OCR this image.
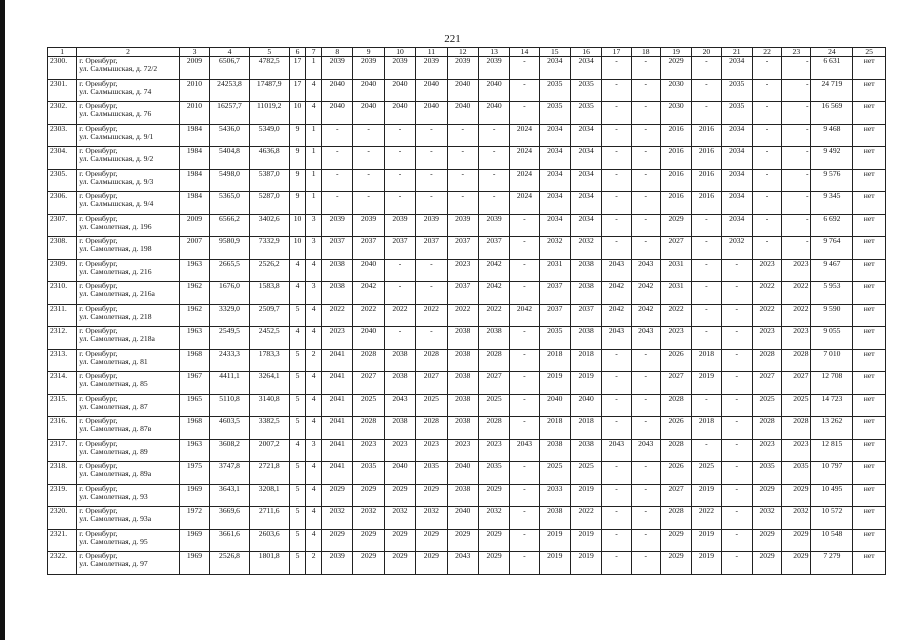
221
1	2	3	4	5	6	7	8	9	10	11	12	13	14	15	16	17	18	19	20	21	22	23	24	25
2300.	г. Оренбург,
ул. Салмышская, д. 72/2	2009	6506,7	4782,5	17	1	2039	2039	2039	2039	2039	2039	-	2034	2034	-	-	2029	-	2034	-	-	6 631	нет
2301.	г. Оренбург,
ул. Салмышская, д. 74	2010	24253,8	17487,9	17	4	2040	2040	2040	2040	2040	2040	-	2035	2035	-	-	2030	-	2035	-	-	24 719	нет
2302.	г. Оренбург,
ул. Салмышская, д. 76	2010	16257,7	11019,2	10	4	2040	2040	2040	2040	2040	2040	-	2035	2035	-	-	2030	-	2035	-	-	16 569	нет
2303.	г. Оренбург,
ул. Салмышская, д. 9/1	1984	5436,0	5349,0	9	1	-	-	-	-	-	-	2024	2034	2034	-	-	2016	2016	2034	-	-	9 468	нет
2304.	г. Оренбург,
ул. Салмышская, д. 9/2	1984	5404,8	4636,8	9	1	-	-	-	-	-	-	2024	2034	2034	-	-	2016	2016	2034	-	-	9 492	нет
2305.	г. Оренбург,
ул. Салмышская, д. 9/3	1984	5498,0	5387,0	9	1	-	-	-	-	-	-	2024	2034	2034	-	-	2016	2016	2034	-	-	9 576	нет
2306.	г. Оренбург,
ул. Салмышская, д. 9/4	1984	5365,0	5287,0	9	1	-	-	-	-	-	-	2024	2034	2034	-	-	2016	2016	2034	-	-	9 345	нет
2307.	г. Оренбург,
ул. Самолетная, д. 196	2009	6566,2	3402,6	10	3	2039	2039	2039	2039	2039	2039	-	2034	2034	-	-	2029	-	2034	-	-	6 692	нет
2308.	г. Оренбург,
ул. Самолетная, д. 198	2007	9580,9	7332,9	10	3	2037	2037	2037	2037	2037	2037	-	2032	2032	-	-	2027	-	2032	-	-	9 764	нет
2309.	г. Оренбург,
ул. Самолетная, д. 216	1963	2665,5	2526,2	4	4	2038	2040	-	-	2023	2042	-	2031	2038	2043	2043	2031	-	-	2023	2023	9 467	нет
2310.	г. Оренбург,
ул. Самолетная, д. 216а	1962	1676,0	1583,8	4	3	2038	2042	-	-	2037	2042	-	2037	2038	2042	2042	2031	-	-	2022	2022	5 953	нет
2311.	г. Оренбург,
ул. Самолетная, д. 218	1962	3329,0	2509,7	5	4	2022	2022	2022	2022	2022	2022	2042	2037	2037	2042	2042	2022	-	-	2022	2022	9 590	нет
2312.	г. Оренбург,
ул. Самолетная, д. 218а	1963	2549,5	2452,5	4	4	2023	2040	-	-	2038	2038	-	2035	2038	2043	2043	2023	-	-	2023	2023	9 055	нет
2313.	г. Оренбург,
ул. Самолетная, д. 81	1968	2433,3	1783,3	5	2	2041	2028	2038	2028	2038	2028	-	2018	2018	-	-	2026	2018	-	2028	2028	7 010	нет
2314.	г. Оренбург,
ул. Самолетная, д. 85	1967	4411,1	3264,1	5	4	2041	2027	2038	2027	2038	2027	-	2019	2019	-	-	2027	2019	-	2027	2027	12 708	нет
2315.	г. Оренбург,
ул. Самолетная, д. 87	1965	5110,8	3140,8	5	4	2041	2025	2043	2025	2038	2025	-	2040	2040	-	-	2028	-	-	2025	2025	14 723	нет
2316.	г. Оренбург,
ул. Самолетная, д. 87в	1968	4603,5	3382,5	5	4	2041	2028	2038	2028	2038	2028	-	2018	2018	-	-	2026	2018	-	2028	2028	13 262	нет
2317.	г. Оренбург,
ул. Самолетная, д. 89	1963	3608,2	2007,2	4	3	2041	2023	2023	2023	2023	2023	2043	2038	2038	2043	2043	2028	-	-	2023	2023	12 815	нет
2318.	г. Оренбург,
ул. Самолетная, д. 89а	1975	3747,8	2721,8	5	4	2041	2035	2040	2035	2040	2035	-	2025	2025	-	-	2026	2025	-	2035	2035	10 797	нет
2319.	г. Оренбург,
ул. Самолетная, д. 93	1969	3643,1	3208,1	5	4	2029	2029	2029	2029	2038	2029	-	2033	2019	-	-	2027	2019	-	2029	2029	10 495	нет
2320.	г. Оренбург,
ул. Самолетная, д. 93а	1972	3669,6	2711,6	5	4	2032	2032	2032	2032	2040	2032	-	2038	2022	-	-	2028	2022	-	2032	2032	10 572	нет
2321.	г. Оренбург,
ул. Самолетная, д. 95	1969	3661,6	2603,6	5	4	2029	2029	2029	2029	2029	2029	-	2019	2019	-	-	2029	2019	-	2029	2029	10 548	нет
2322.	г. Оренбург,
ул. Самолетная, д. 97	1969	2526,8	1801,8	5	2	2039	2029	2029	2029	2043	2029	-	2019	2019	-	-	2029	2019	-	2029	2029	7 279	нет
